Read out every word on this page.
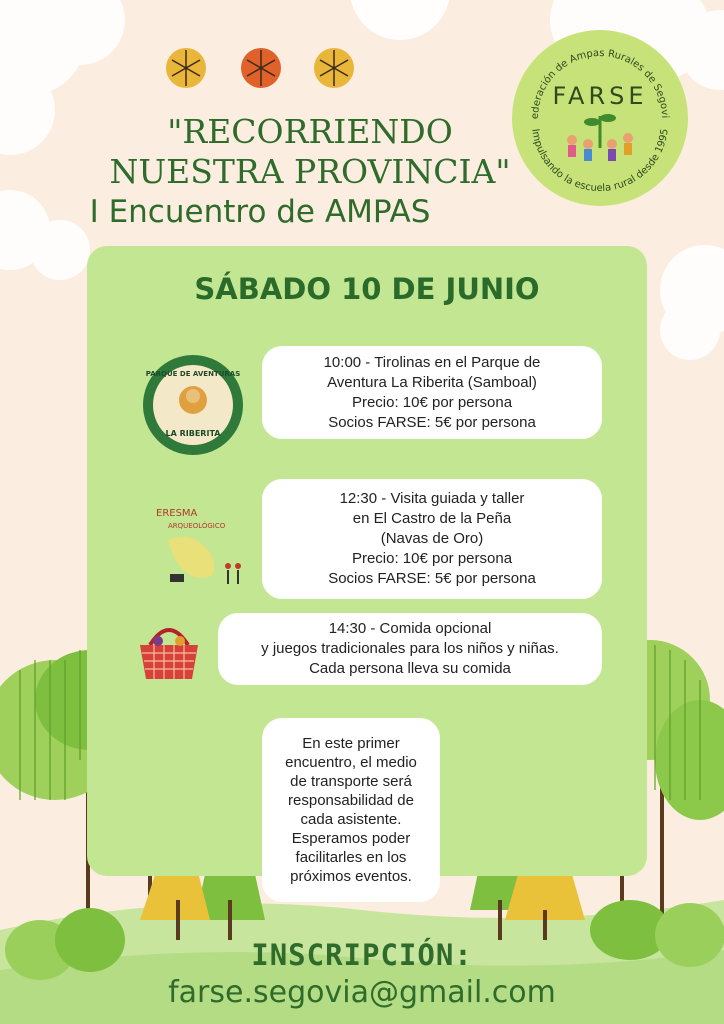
ederación de Ampas Rurales de Segovi
Impulsando la escuela rural desde 1995
FARSE
"RECORRIENDO
NUESTRA PROVINCIA"
I Encuentro de AMPAS
SÁBADO 10 DE JUNIO
PARQUE DE AVENTURAS
LA RIBERITA
10:00 - Tirolinas en el Parque de
Aventura La Riberita (Samboal)
Precio: 10€ por persona
Socios FARSE: 5€ por persona
ERESMA
ARQUEOLÓGICO
12:30 - Visita guiada y taller
en El Castro de la Peña
(Navas de Oro)
Precio: 10€ por persona
Socios FARSE: 5€ por persona
14:30 - Comida opcional
y juegos tradicionales para los niños y niñas.
Cada persona lleva su comida
En este primer
encuentro, el medio
de transporte será
responsabilidad de
cada asistente.
Esperamos poder
facilitarles en los
próximos eventos.
INSCRIPCIÓN:
farse.segovia@gmail.com
